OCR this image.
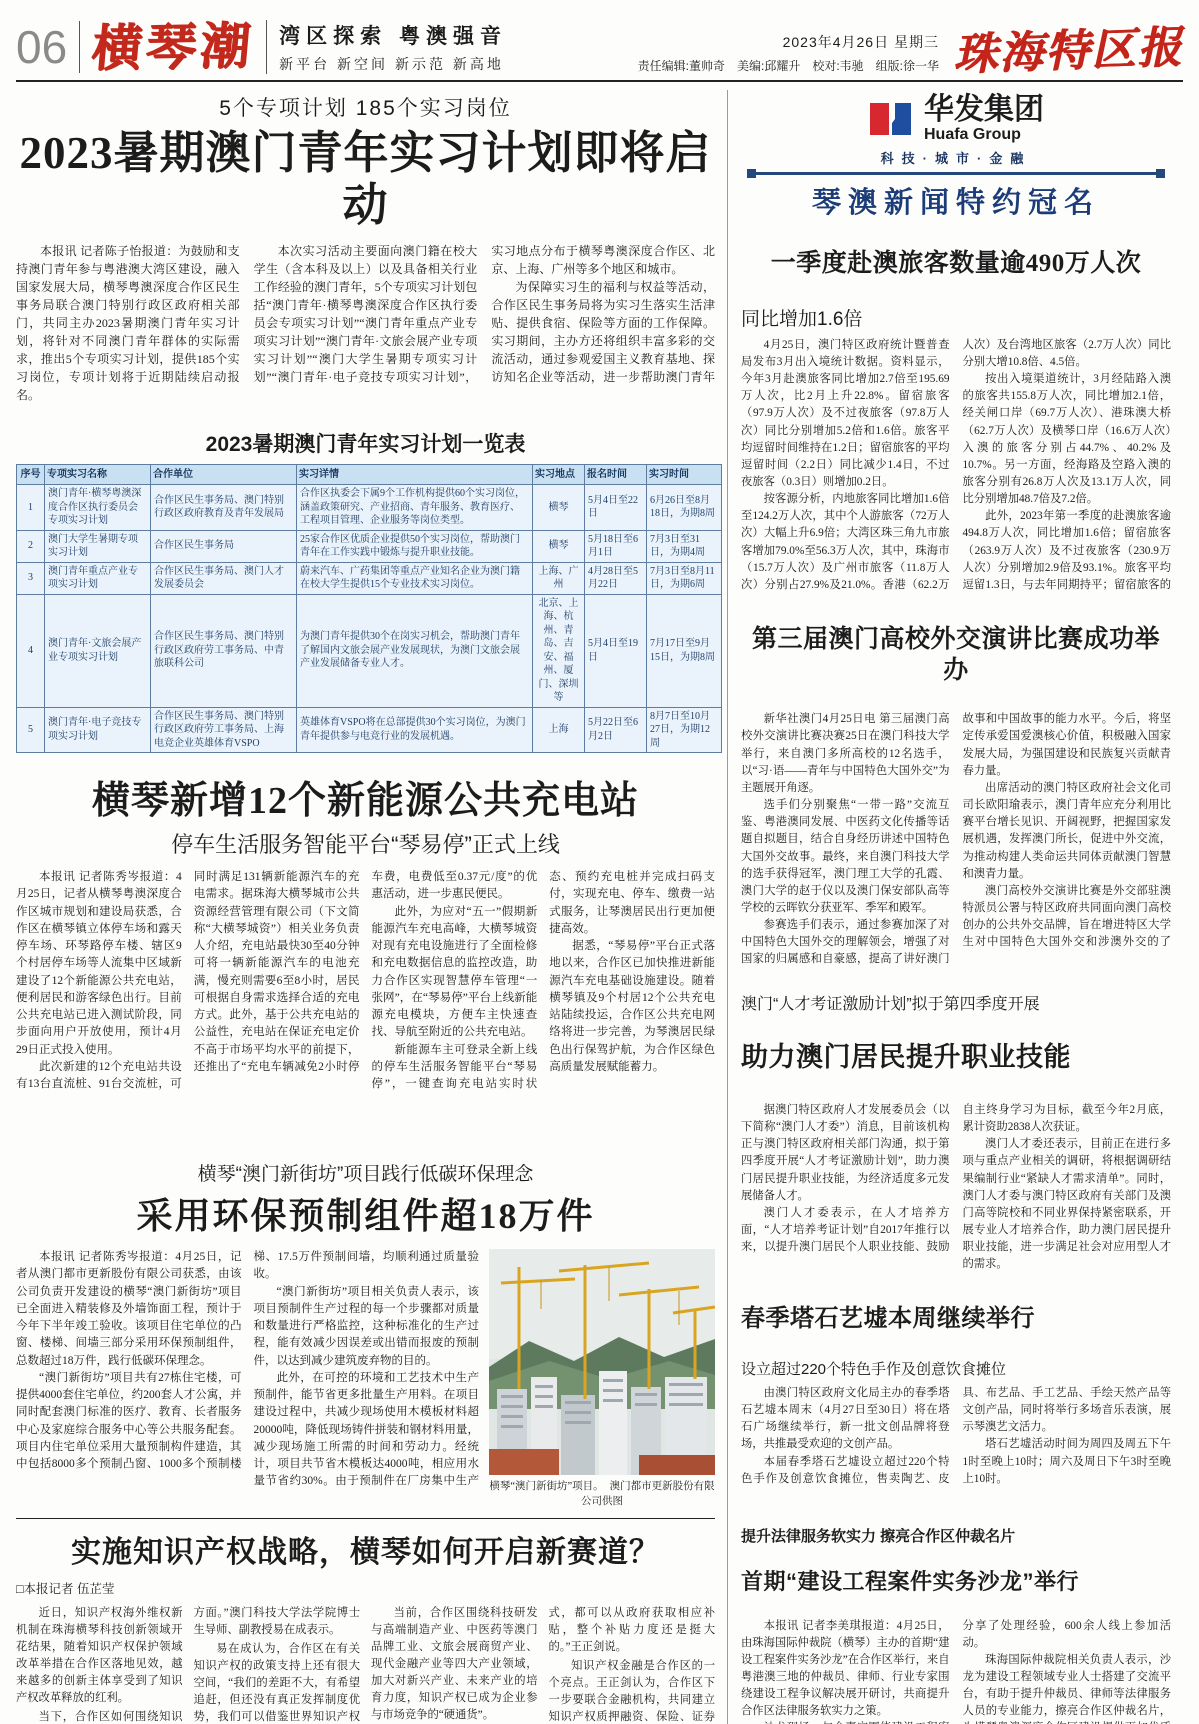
06 横琴潮 湾区探索 粤澳强音
新平台 新空间 新示范 新高地
2023年4月26日 星期三
责任编辑:董帅奇　美编:邱耀升　校对:韦驰　组版:徐一华 珠海特区报
5个专项计划 185个实习岗位
2023暑期澳门青年实习计划即将启动

本报讯 记者陈子怡报道：为鼓励和支持澳门青年参与粤港澳大湾区建设，融入国家发展大局，横琴粤澳深度合作区民生事务局联合澳门特别行政区政府相关部门，共同主办2023暑期澳门青年实习计划，将针对不同澳门青年群体的实际需求，推出5个专项实习计划，提供185个实习岗位，专项计划将于近期陆续启动报名。

本次实习活动主要面向澳门籍在校大学生（含本科及以上）以及具备相关行业工作经验的澳门青年，5个专项实习计划包括“澳门青年·横琴粤澳深度合作区执行委员会专项实习计划”“澳门青年重点产业专项实习计划”“澳门青年·文旅会展产业专项实习计划”“澳门大学生暑期专项实习计划”“澳门青年·电子竞技专项实习计划”，实习地点分布于横琴粤澳深度合作区、北京、上海、广州等多个地区和城市。

为保障实习生的福利与权益等活动，合作区民生事务局将为实习生落实生活津贴、提供食宿、保险等方面的工作保障。实习期间，主办方还将组织丰富多彩的交流活动，通过参观爱国主义教育基地、探访知名企业等活动，进一步帮助澳门青年

2023暑期澳门青年实习计划一览表
序号	专项实习名称	合作单位	实习详情	实习地点	报名时间	实习时间
1	澳门青年·横琴粤澳深度合作区执行委员会专项实习计划	合作区民生事务局、澳门特别行政区政府教育及青年发展局	合作区执委会下属9个工作机构提供60个实习岗位，涵盖政策研究、产业招商、青年服务、教育医疗、工程项目管理、企业服务等岗位类型。	横琴	5月4日至22日	6月26日至8月18日，为期8周
2	澳门大学生暑期专项实习计划	合作区民生事务局	25家合作区优质企业提供50个实习岗位，帮助澳门青年在工作实践中锻炼与提升职业技能。	横琴	5月18日至6月1日	7月3日至31日，为期4周
3	澳门青年重点产业专项实习计划	合作区民生事务局、澳门人才发展委员会	蔚来汽车、广药集团等重点产业知名企业为澳门籍在校大学生提供15个专业技术实习岗位。	上海、广州	4月28日至5月22日	7月3日至8月11日，为期6周
4	澳门青年·文旅会展产业专项实习计划	合作区民生事务局、澳门特别行政区政府劳工事务局、中青旅联科公司	为澳门青年提供30个在岗实习机会，帮助澳门青年了解国内文旅会展产业发展现状，为澳门文旅会展产业发展储备专业人才。	北京、上海、杭州、青岛、吉安、福州、厦门、深圳等	5月4日至19日	7月17日至9月15日，为期8周
5	澳门青年·电子竞技专项实习计划	合作区民生事务局、澳门特别行政区政府劳工事务局、上海电竞企业英雄体育VSPO	英雄体育VSPO将在总部提供30个实习岗位，为澳门青年提供参与电竞行业的发展机遇。	上海	5月22日至6月2日	8月7日至10月27日，为期12周
横琴新增12个新能源公共充电站
停车生活服务智能平台“琴易停”正式上线

本报讯 记者陈秀岑报道：4月25日，记者从横琴粤澳深度合作区城市规划和建设局获悉，合作区在横琴镇立体停车场和露天停车场、环琴路停车楼、辖区9个村居停车场等人流集中区域新建设了12个新能源公共充电站，便利居民和游客绿色出行。目前公共充电站已进入测试阶段，同步面向用户开放使用，预计4月29日正式投入使用。

此次新建的12个充电站共设有13台直流桩、91台交流桩，可同时满足131辆新能源汽车的充电需求。据珠海大横琴城市公共资源经营管理有限公司（下文简称“大横琴城资”）相关业务负责人介绍，充电站最快30至40分钟可将一辆新能源汽车的电池充满，慢充则需要6至8小时，居民可根据自身需求选择合适的充电方式。此外，基于公共充电站的公益性，充电站在保证充电定价不高于市场平均水平的前提下，还推出了“充电车辆减免2小时停车费，电费低至0.37元/度”的优惠活动，进一步惠民便民。

此外，为应对“五一”假期新能源汽车充电高峰，大横琴城资对现有充电设施进行了全面检修和充电数据信息的监控改造，助力合作区实现智慧停车管理“一张网”，在“琴易停”平台上线新能源充电模块，方便车主快速查找、导航至附近的公共充电站。

新能源车主可登录全新上线的停车生活服务智能平台“琴易停”，一键查询充电站实时状态、预约充电桩并完成扫码支付，实现充电、停车、缴费一站式服务，让琴澳居民出行更加便捷高效。

据悉，“琴易停”平台正式落地以来，合作区已加快推进新能源汽车充电基础设施建设。随着横琴镇及9个村居12个公共充电站陆续投运，合作区公共充电网络将进一步完善，为琴澳居民绿色出行保驾护航，为合作区绿色高质量发展赋能蓄力。

横琴“澳门新街坊”项目践行低碳环保理念
采用环保预制组件超18万件

本报讯 记者陈秀岑报道：4月25日，记者从澳门都市更新股份有限公司获悉，由该公司负责开发建设的横琴“澳门新街坊”项目已全面进入精装修及外墙饰面工程，预计于今年下半年竣工验收。该项目住宅单位的凸窗、楼梯、间墙三部分采用环保预制组件，总数超过18万件，践行低碳环保理念。

“澳门新街坊”项目共有27栋住宅楼，可提供4000套住宅单位，约200套人才公寓，并同时配套澳门标准的医疗、教育、长者服务中心及家庭综合服务中心等公共服务配套。项目内住宅单位采用大量预制构件建造，其中包括8000多个预制凸窗、1000多个预制楼梯、17.5万件预制间墙，均顺利通过质量验收。

“澳门新街坊”项目相关负责人表示，该项目预制件生产过程的每一个步骤都对质量和数量进行严格监控，这种标准化的生产过程，能有效减少因误差或出错而报废的预制件，以达到减少建筑废弃物的目的。

此外，在可控的环境和工艺技术中生产预制件，能节省更多批量生产用料。在项目建设过程中，共减少现场使用木模板材料超20000吨，降低现场铸件拼装和钢材料用量，减少现场施工所需的时间和劳动力。经统计，项目共节省木模板达4000吨，相应用水量节省约30%。由于预制件在厂房集中生产 横琴“澳门新街坊”项目。 澳门都市更新股份有限公司供图
实施知识产权战略，横琴如何开启新赛道？
□本报记者 伍芷莹

近日，知识产权海外维权新机制在珠海横琴科技创新领域开花结果，随着知识产权保护领域改革举措在合作区落地见效，越来越多的创新主体享受到了知识产权改革释放的红利。

当下，合作区如何围绕知识

方面。”澳门科技大学法学院博士生导师、副教授易在成表示。

易在成认为，合作区在有关知识产权的政策支持上还有很大空间，“我们的差距不大，有希望追赶，但还没有真正发挥制度优势，我们可以借鉴世界知识产权

当前，合作区围绕科技研发与高端制造产业、中医药等澳门品牌工业、文旅会展商贸产业、现代金融产业等四大产业领域，加大对新兴产业、未来产业的培育力度，知识产权已成为企业参与市场竞争的“硬通货”。

式，都可以从政府获取相应补贴，整个补贴力度还是挺大的。”王正剑说。

知识产权金融是合作区的一个亮点。王正剑认为，合作区下一步要联合金融机构，共同建立知识产权质押融资、保险、证券

华发集团
Huafa Group
科技·城市·金融
琴澳新闻特约冠名
一季度赴澳旅客数量逾490万人次
同比增加1.6倍

4月25日，澳门特区政府统计暨普查局发布3月出入境统计数据。资料显示，今年3月赴澳旅客同比增加2.7倍至195.69万人次，比2月上升22.8%。留宿旅客（97.9万人次）及不过夜旅客（97.8万人次）同比分别增加5.2倍和1.6倍。旅客平均逗留时间维持在1.2日；留宿旅客的平均逗留时间（2.2日）同比减少1.4日，不过夜旅客（0.3日）则增加0.2日。

按客源分析，内地旅客同比增加1.6倍至124.2万人次，其中个人游旅客（72万人次）大幅上升6.9倍；大湾区珠三角九市旅客增加79.0%至56.3万人次，其中，珠海市（15.7万人次）及广州市旅客（11.8万人次）分别占27.9%及21.0%。香港（62.2万人次）及台湾地区旅客（2.7万人次）同比分别大增10.8倍、4.5倍。

按出入境渠道统计，3月经陆路入澳的旅客共155.8万人次，同比增加2.1倍，经关闸口岸（69.7万人次）、港珠澳大桥（62.7万人次）及横琴口岸（16.6万人次）入澳的旅客分别占44.7%、40.2%及10.7%。另一方面，经海路及空路入澳的旅客分别有26.8万人次及13.1万人次，同比分别增加48.7倍及7.2倍。

此外，2023年第一季度的赴澳旅客逾494.8万人次，同比增加1.6倍；留宿旅客（263.9万人次）及不过夜旅客（230.9万人次）分别增加2.9倍及93.1%。旅客平均逗留1.3日，与去年同期持平；留宿旅客的

第三届澳门高校外交演讲比赛成功举办

新华社澳门4月25日电 第三届澳门高校外交演讲比赛决赛25日在澳门科技大学举行，来自澳门多所高校的12名选手，以“习·语——青年与中国特色大国外交”为主题展开角逐。

选手们分别聚焦“一带一路”交流互鉴、粤港澳同发展、中医药文化传播等话题自拟题目，结合自身经历讲述中国特色大国外交故事。最终，来自澳门科技大学的选手获得冠军，澳门理工大学的孔霞、澳门大学的赵于仪以及澳门保安部队高等学校的云晖钦分获亚军、季军和殿军。

参赛选手们表示，通过参赛加深了对中国特色大国外交的理解领会，增强了对国家的归属感和自豪感，提高了讲好澳门故事和中国故事的能力水平。今后，将坚定传承爱国爱澳核心价值，积极融入国家发展大局，为强国建设和民族复兴贡献青春力量。

出席活动的澳门特区政府社会文化司司长欧阳瑜表示，澳门青年应充分利用比赛平台增长见识、开阔视野，把握国家发展机遇，发挥澳门所长，促进中外交流，为推动构建人类命运共同体贡献澳门智慧和澳青力量。

澳门高校外交演讲比赛是外交部驻澳特派员公署与特区政府共同面向澳门高校创办的公共外交品牌，旨在增进特区大学生对中国特色大国外交和涉澳外交的了

澳门“人才考证激励计划”拟于第四季度开展
助力澳门居民提升职业技能

据澳门特区政府人才发展委员会（以下简称“澳门人才委”）消息，目前该机构正与澳门特区政府相关部门沟通，拟于第四季度开展“人才考证激励计划”，助力澳门居民提升职业技能，为经济适度多元发展储备人才。

澳门人才委表示，在人才培养方面，“人才培养考证计划”自2017年推行以来，以提升澳门居民个人职业技能、鼓励自主终身学习为目标，截至今年2月底，累计资助2838人次获证。

澳门人才委还表示，目前正在进行多项与重点产业相关的调研，将根据调研结果编制行业“紧缺人才需求清单”。同时，澳门人才委与澳门特区政府有关部门及澳门高等院校和不同业界保持紧密联系，开展专业人才培养合作，助力澳门居民提升职业技能，进一步满足社会对应用型人才的需求。

春季塔石艺墟本周继续举行
设立超过220个特色手作及创意饮食摊位

由澳门特区政府文化局主办的春季塔石艺墟本周末（4月27日至30日）将在塔石广场继续举行，新一批文创品牌将登场，共推最受欢迎的文创产品。

本届春季塔石艺墟设立超过220个特色手作及创意饮食摊位，售卖陶艺、皮具、布艺品、手工艺品、手绘天然产品等文创产品，同时将举行多场音乐表演，展示琴澳艺文活力。

塔石艺墟活动时间为周四及周五下午1时至晚上10时；周六及周日下午3时至晚上10时。

提升法律服务软实力 擦亮合作区仲裁名片
首期“建设工程案件实务沙龙”举行

本报讯 记者李美琪报道：4月25日，由珠海国际仲裁院（横琴）主办的首期“建设工程案件实务沙龙”在合作区举行，来自粤港澳三地的仲裁员、律师、行业专家围绕建设工程争议解决展开研讨，共商提升合作区法律服务软实力之策。

分享了处理经验，600余人线上参加活动。

珠海国际仲裁院相关负责人表示，沙龙为建设工程领域专业人士搭建了交流平台，有助于提升仲裁员、律师等法律服务人员的专业能力，擦亮合作区仲裁名片，
